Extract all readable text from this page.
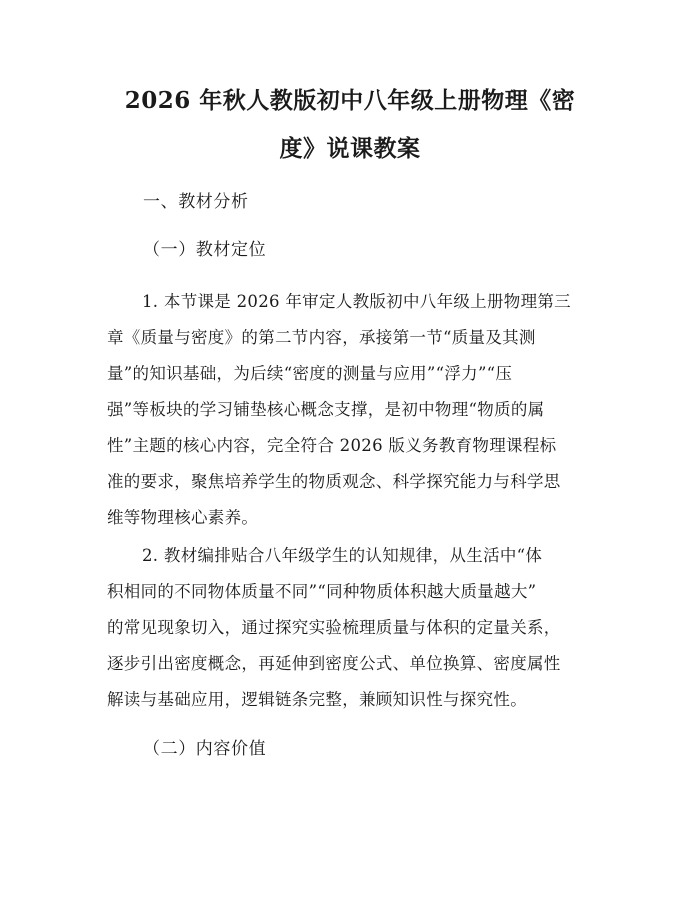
2026 年秋人教版初中八年级上册物理《密
度》说课教案
一、教材分析
（一）教材定位
1. 本节课是 2026 年审定人教版初中八年级上册物理第三
章《质量与密度》的第二节内容，承接第一节“质量及其测
量”的知识基础，为后续“密度的测量与应用”“浮力”“压
强”等板块的学习铺垫核心概念支撑，是初中物理“物质的属
性”主题的核心内容，完全符合 2026 版义务教育物理课程标
准的要求，聚焦培养学生的物质观念、科学探究能力与科学思
维等物理核心素养。
2. 教材编排贴合八年级学生的认知规律，从生活中“体
积相同的不同物体质量不同”“同种物质体积越大质量越大”
的常见现象切入，通过探究实验梳理质量与体积的定量关系，
逐步引出密度概念，再延伸到密度公式、单位换算、密度属性
解读与基础应用，逻辑链条完整，兼顾知识性与探究性。
（二）内容价值
